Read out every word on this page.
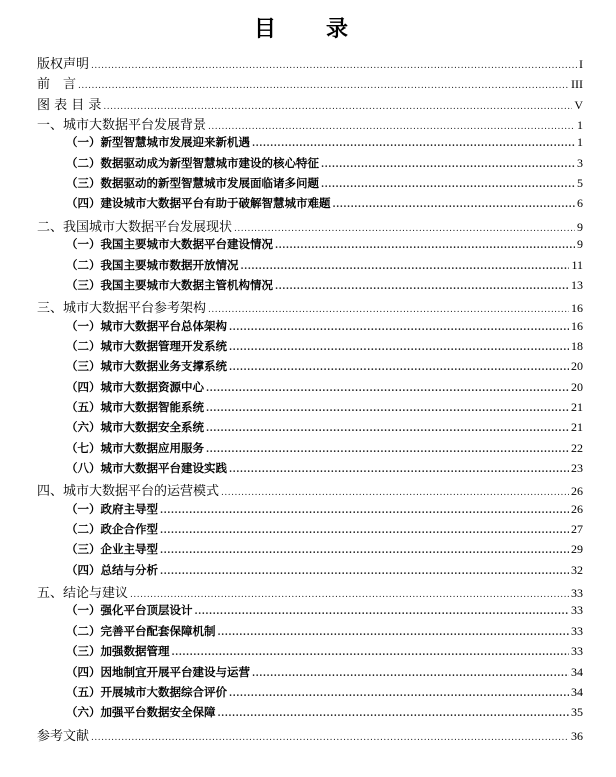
目　录
版权声明 .....	I
前　言 .....	III
图 表 目 录 .....	V
一、城市大数据平台发展背景 .....	1
（一）新型智慧城市发展迎来新机遇 .....	1
（二）数据驱动成为新型智慧城市建设的核心特征 .....	3
（三）数据驱动的新型智慧城市发展面临诸多问题 .....	5
（四）建设城市大数据平台有助于破解智慧城市难题 .....	6
二、我国城市大数据平台发展现状 .....	9
（一）我国主要城市大数据平台建设情况 .....	9
（二）我国主要城市数据开放情况 .....	11
（三）我国主要城市大数据主管机构情况 .....	13
三、城市大数据平台参考架构 .....	16
（一）城市大数据平台总体架构 .....	16
（二）城市大数据管理开发系统 .....	18
（三）城市大数据业务支撑系统 .....	20
（四）城市大数据资源中心 .....	20
（五）城市大数据智能系统 .....	21
（六）城市大数据安全系统 .....	21
（七）城市大数据应用服务 .....	22
（八）城市大数据平台建设实践 .....	23
四、城市大数据平台的运营模式 .....	26
（一）政府主导型 .....	26
（二）政企合作型 .....	27
（三）企业主导型 .....	29
（四）总结与分析 .....	32
五、结论与建议 .....	33
（一）强化平台顶层设计 .....	33
（二）完善平台配套保障机制 .....	33
（三）加强数据管理 .....	33
（四）因地制宜开展平台建设与运营 .....	34
（五）开展城市大数据综合评价 .....	34
（六）加强平台数据安全保障 .....	35
参考文献 .....	36
